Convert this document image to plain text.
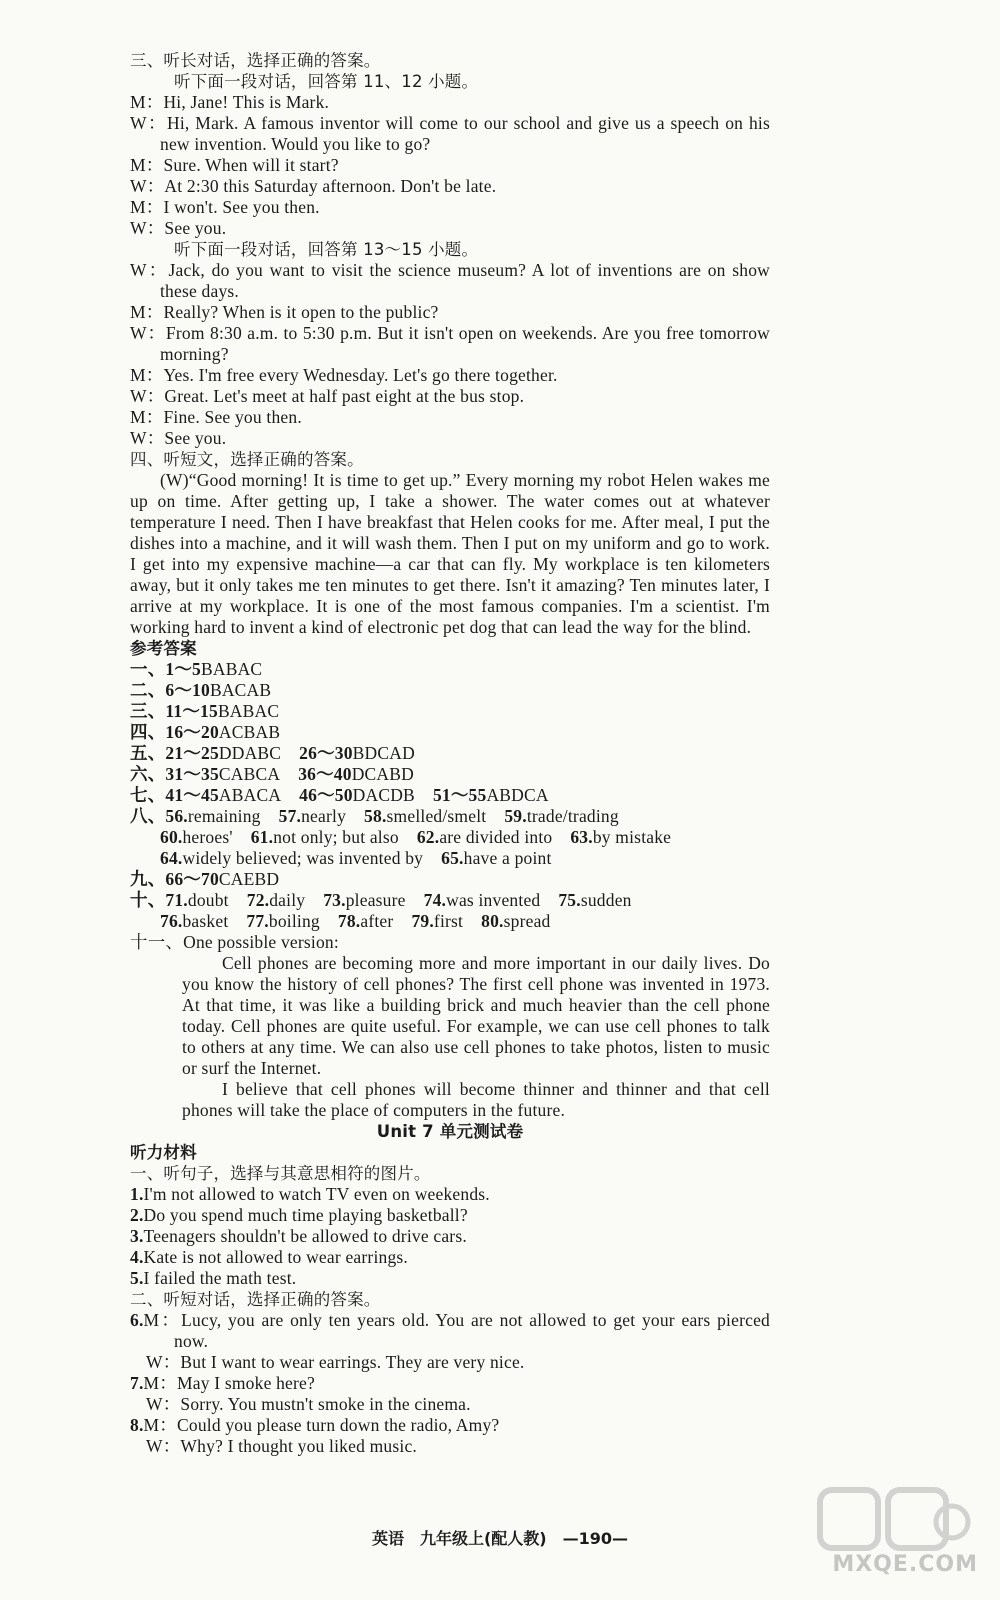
三、听长对话，选择正确的答案。
听下面一段对话，回答第 11、12 小题。
M：Hi, Jane! This is Mark.
W：Hi, Mark. A famous inventor will come to our school and give us a speech on his new invention. Would you like to go?
M：Sure. When will it start?
W：At 2:30 this Saturday afternoon. Don't be late.
M：I won't. See you then.
W：See you.
听下面一段对话，回答第 13～15 小题。
W：Jack, do you want to visit the science museum? A lot of inventions are on show these days.
M：Really? When is it open to the public?
W：From 8:30 a.m. to 5:30 p.m. But it isn't open on weekends. Are you free tomorrow morning?
M：Yes. I'm free every Wednesday. Let's go there together.
W：Great. Let's meet at half past eight at the bus stop.
M：Fine. See you then.
W：See you.
四、听短文，选择正确的答案。
(W)“Good morning! It is time to get up.” Every morning my robot Helen wakes me up on time. After getting up, I take a shower. The water comes out at whatever temperature I need. Then I have breakfast that Helen cooks for me. After meal, I put the dishes into a machine, and it will wash them. Then I put on my uniform and go to work. I get into my expensive machine—a car that can fly. My workplace is ten kilometers away, but it only takes me ten minutes to get there. Isn't it amazing? Ten minutes later, I arrive at my workplace. It is one of the most famous companies. I'm a scientist. I'm working hard to invent a kind of electronic pet dog that can lead the way for the blind.
参考答案
一、1～5BABAC
二、6～10BACAB
三、11～15BABAC
四、16～20ACBAB
五、21～25DDABC 26～30BDCAD
六、31～35CABCA 36～40DCABD
七、41～45ABACA 46～50DACDB 51～55ABDCA
八、56.remaining 57.nearly 58.smelled/smelt 59.trade/trading
60.heroes' 61.not only; but also 62.are divided into 63.by mistake
64.widely believed; was invented by 65.have a point
九、66～70CAEBD
十、71.doubt 72.daily 73.pleasure 74.was invented 75.sudden
76.basket 77.boiling 78.after 79.first 80.spread
十一、One possible version:
Cell phones are becoming more and more important in our daily lives. Do you know the history of cell phones? The first cell phone was invented in 1973. At that time, it was like a building brick and much heavier than the cell phone today. Cell phones are quite useful. For example, we can use cell phones to talk to others at any time. We can also use cell phones to take photos, listen to music or surf the Internet.
I believe that cell phones will become thinner and thinner and that cell phones will take the place of computers in the future.
Unit 7 单元测试卷
听力材料
一、听句子，选择与其意思相符的图片。
1.I'm not allowed to watch TV even on weekends.
2.Do you spend much time playing basketball?
3.Teenagers shouldn't be allowed to drive cars.
4.Kate is not allowed to wear earrings.
5.I failed the math test.
二、听短对话，选择正确的答案。
6.M：Lucy, you are only ten years old. You are not allowed to get your ears pierced now.
W：But I want to wear earrings. They are very nice.
7.M：May I smoke here?
W：Sorry. You mustn't smoke in the cinema.
8.M：Could you please turn down the radio, Amy?
W：Why? I thought you liked music.
英语　九年级上(配人教)　—190—
MXQE.COM
